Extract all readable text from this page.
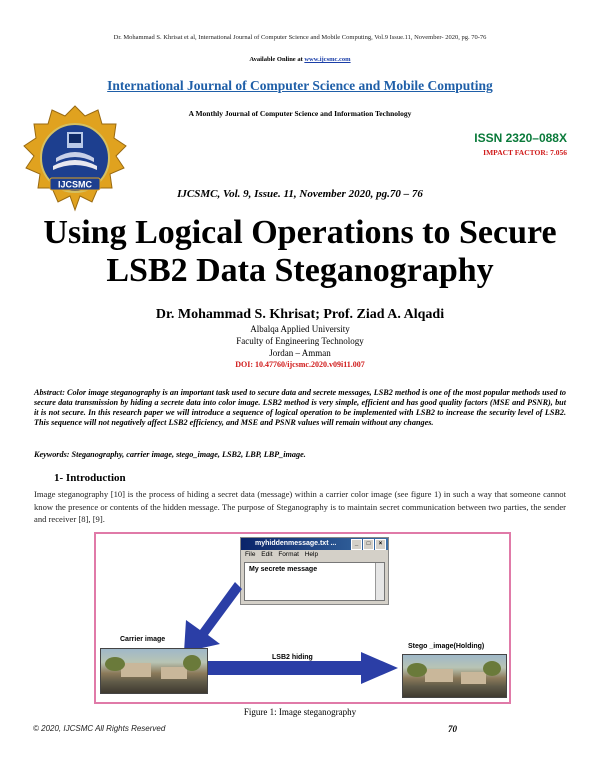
Dr. Mohammad S. Khrisat et al, International Journal of Computer Science and Mobile Computing, Vol.9 Issue.11, November- 2020, pg. 70-76
Available Online at www.ijcsmc.com
International Journal of Computer Science and Mobile Computing
A Monthly Journal of Computer Science and Information Technology
IJCSMC
ISSN 2320–088X
IMPACT FACTOR: 7.056
IJCSMC, Vol. 9, Issue. 11, November 2020, pg.70 – 76
Using Logical Operations to Secure LSB2 Data Steganography
Dr. Mohammad S. Khrisat; Prof. Ziad A. Alqadi
Albalqa Applied University
Faculty of Engineering Technology
Jordan – Amman
DOI: 10.47760/ijcsmc.2020.v09i11.007
Abstract: Color image steganography is an important task used to secure data and secrete messages, LSB2 method is one of the most popular methods used to secure data transmission by hiding a secrete data into color image. LSB2 method is very simple, efficient and has good quality factors (MSE and PSNR), but it is not secure. In this research paper we will introduce a sequence of logical operation to be implemented with LSB2 to increase the security level of LSB2. This sequence will not negatively affect LSB2 efficiency, and MSE and PSNR values will remain without any changes.
Keywords: Steganography, carrier image, stego_image, LSB2, LBP, LBP_image.
1- Introduction
Image steganography [10] is the process of hiding a secret data (message) within a carrier color image (see figure 1) in such a way that someone cannot know the presence or contents of the hidden message. The purpose of Steganography is to maintain secret communication between two parties, the sender and receiver [8], [9].
myhiddenmessage.txt ...	_	□	×
File Edit Format Help
My secrete message
Carrier image
Stego _image(Holding)
LSB2 hiding
Figure 1: Image steganography
© 2020, IJCSMC All Rights Reserved	70
